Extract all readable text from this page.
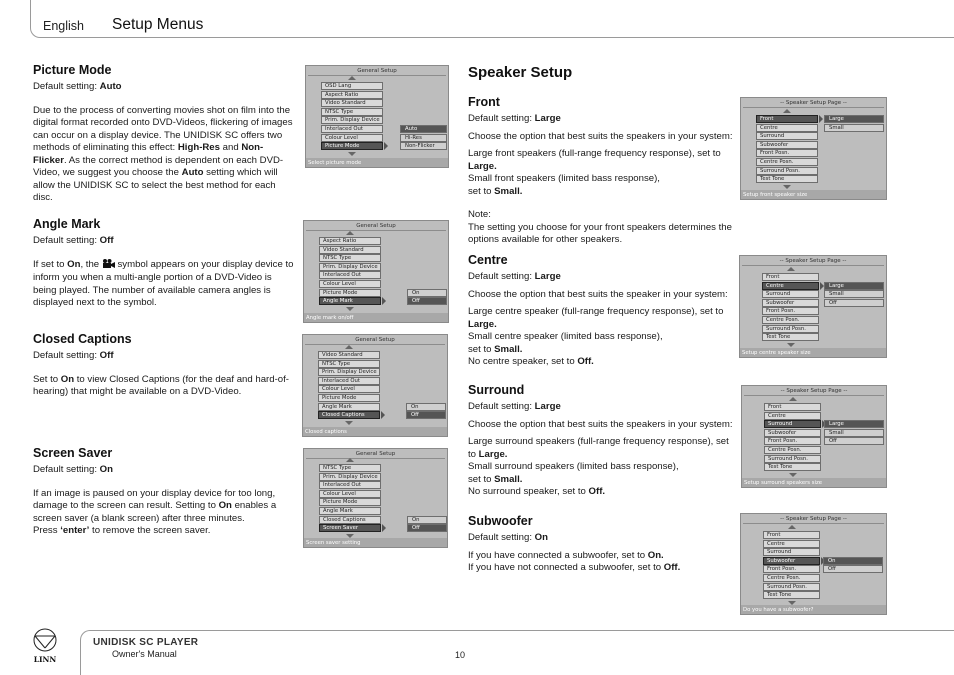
English Setup Menus
Picture Mode

Default setting: Auto

Due to the process of converting movies shot on film into the digital format recorded onto DVD-Videos, flickering of images can occur on a display device. The UNIDISK SC offers two methods of eliminating this effect: High-Res and Non-Flicker. As the correct method is dependent on each DVD-Video, we suggest you choose the Auto setting which will allow the UNIDISK SC to select the best method for each disc.

Angle Mark

Default setting: Off

If set to On, the  symbol appears on your display device to inform you when a multi-angle portion of a DVD-Video is being played. The number of available camera angles is displayed next to the symbol.

Closed Captions

Default setting: Off

Set to On to view Closed Captions (for the deaf and hard-of-hearing) that might be available on a DVD-Video.

Screen Saver

Default setting: On

If an image is paused on your display device for too long, damage to the screen can result. Setting to On enables a screen saver (a blank screen) after three minutes.

Press ‘enter’ to remove the screen saver.

General Setup
OSD Lang
Aspect Ratio
Video Standard
NTSC Type
Prim. Display Device
Interlaced Out
Colour Level
Picture Mode
Auto
Hi-Res
Non-Flicker
Select picture mode
General Setup
Aspect Ratio
Video Standard
NTSC Type
Prim. Display Device
Interlaced Out
Colour Level
Picture Mode
Angle Mark
On
Off
Angle mark on/off
General Setup
Video Standard
NTSC Type
Prim. Display Device
Interlaced Out
Colour Level
Picture Mode
Angle Mark
Closed Captions
On
Off
Closed captions
General Setup
NTSC Type
Prim. Display Device
Interlaced Out
Colour Level
Picture Mode
Angle Mark
Closed Captions
Screen Saver
On
Off
Screen saver setting
Speaker Setup
Front

Default setting: Large

Choose the option that best suits the speakers in your system:

Large front speakers (full-range frequency response), set to Large.

Small front speakers (limited bass response),

set to Small.

Note:

The setting you choose for your front speakers determines the options available for other speakers.

Centre

Default setting: Large

Choose the option that best suits the speaker in your system:

Large centre speaker (full-range frequency response), set to Large.

Small centre speaker (limited bass response),

set to Small.

No centre speaker, set to Off.

Surround

Default setting: Large

Choose the option that best suits the speakers in your system:

Large surround speakers (full-range frequency response), set to Large.

Small surround speakers (limited bass response),

set to Small.

No surround speaker, set to Off.

Subwoofer

Default setting: On

If you have connected a subwoofer, set to On.

If you have not connected a subwoofer, set to Off.

-- Speaker Setup Page --
Front
Centre
Surround
Subwoofer
Front Posn.
Centre Posn.
Surround Posn.
Test Tone
Large
Small
Setup front speaker size
-- Speaker Setup Page --
Front
Centre
Surround
Subwoofer
Front Posn.
Centre Posn.
Surround Posn.
Test Tone
Large
Small
Off
Setup centre speaker size
-- Speaker Setup Page --
Front
Centre
Surround
Subwoofer
Front Posn.
Centre Posn.
Surround Posn.
Test Tone
Large
Small
Off
Setup surround speakers size
-- Speaker Setup Page --
Front
Centre
Surround
Subwoofer
Front Posn.
Centre Posn.
Surround Posn.
Test Tone
On
Off
Do you have a subwoofer?
LINN
UNIDISK SC PLAYER
Owner's Manual	10
